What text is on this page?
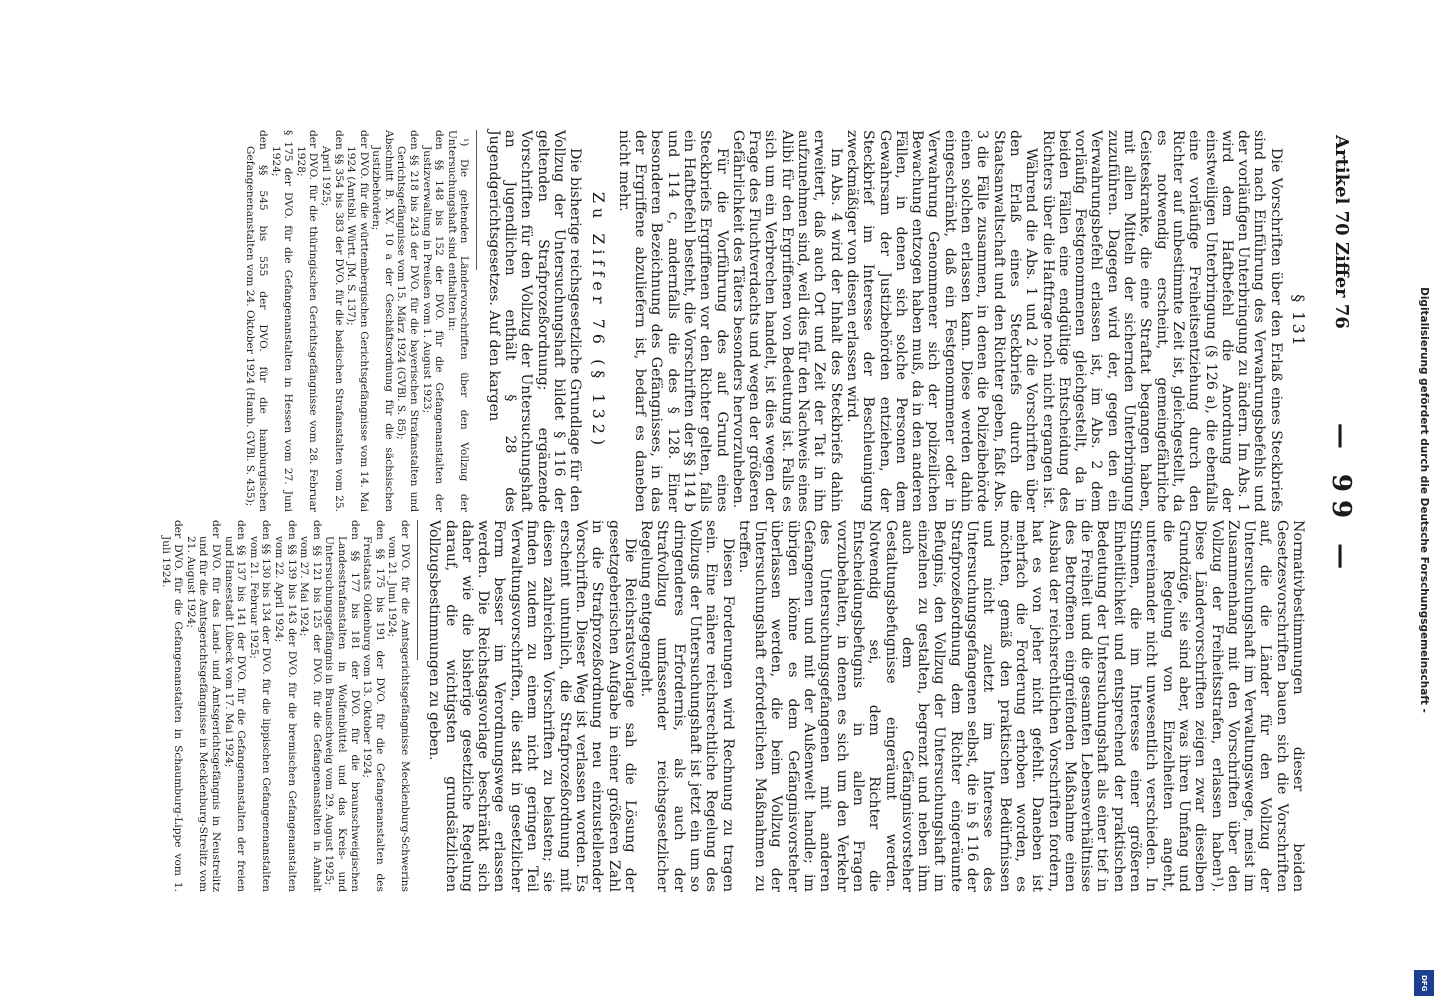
Artikel 70 Ziffer 76
— 99 —
§ 131

Die Vorschriften über den Erlaß eines Steckbriefs sind nach Einführung des Verwahrungsbefehls und der vorläufigen Unterbringung zu ändern. Im Abs. 1 wird dem Haftbefehl die Anordnung der einstweiligen Unterbringung (§ 126 a), die ebenfalls eine vorläufige Freiheitsentziehung durch den Richter auf unbestimmte Zeit ist, gleichgestellt, da es notwendig erscheint, gemeingefährliche Geisteskranke, die eine Straftat begangen haben, mit allen Mitteln der sichernden Unterbringung zuzuführen. Dagegen wird der, gegen den ein Verwahrungsbefehl erlassen ist, im Abs. 2 dem vorläufig Festgenommenen gleichgestellt, da in beiden Fällen eine endgültige Entscheidung des Richters über die Haftfrage noch nicht ergangen ist.

Während die Abs. 1 und 2 die Vorschriften über den Erlaß eines Steckbriefs durch die Staatsanwaltschaft und den Richter geben, faßt Abs. 3 die Fälle zusammen, in denen die Polizeibehörde einen solchen erlassen kann. Diese werden dahin eingeschränkt, daß ein Festgenommener oder in Verwahrung Genommener sich der polizeilichen Bewachung entzogen haben muß, da in den anderen Fällen, in denen sich solche Personen dem Gewahrsam der Justizbehörden entziehen, der Steckbrief im Interesse der Beschleunigung zweckmäßiger von diesen erlassen wird.

Im Abs. 4 wird der Inhalt des Steckbriefs dahin erweitert, daß auch Ort und Zeit der Tat in ihn aufzunehmen sind, weil dies für den Nachweis eines Alibi für den Ergriffenen von Bedeutung ist. Falls es sich um ein Verbrechen handelt, ist dies wegen der Frage des Fluchtverdachts und wegen der größeren Gefährlichkeit des Täters besonders hervorzuheben.

Für die Vorführung des auf Grund eines Steckbriefs Ergriffenen vor den Richter gelten, falls ein Haftbefehl besteht, die Vorschriften der §§ 114 b und 114 c, andernfalls die des § 128. Einer besonderen Bezeichnung des Gefängnisses, in das der Ergriffene abzuliefern ist, bedarf es daneben nicht mehr.

Zu Ziffer 76 (§ 132)

Die bisherige reichsgesetzliche Grundlage für den Vollzug der Untersuchungshaft bildet § 116 der geltenden Strafprozeßordnung; ergänzende Vorschriften für den Vollzug der Untersuchungshaft an Jugendlichen enthält § 28 des Jugendgerichtsgesetzes. Auf den kargen

¹) Die geltenden Ländervorschriften über den Vollzug der Untersuchungshaft sind enthalten in:
den §§ 148 bis 152 der DVO. für die Gefangenanstalten der Justizverwaltung in Preußen vom 1. August 1923;
den §§ 218 bis 243 der DVO. für die bayerischen Strafanstalten und Gerichtsgefängnisse vom 15. März 1924 (GVBl. S. 85);
Abschnitt B. XV. 10 a der Geschäftsordnung für die sächsischen Justizbehörden;
der DVO. für die württembergischen Gerichtsgefängnisse vom 14. Mai 1924 (Amtsbl. Württ. JM. S. 137);
den §§ 354 bis 383 der DVO. für die badischen Strafanstalten vom 25. April 1925;
der DVO. für die thüringischen Gerichtsgefängnisse vom 28. Februar 1928;
§ 175 der DVO. für die Gefangenanstalten in Hessen vom 27. Juni 1924;
den §§ 545 bis 555 der DVO. für die hamburgischen Gefangenenanstalten vom 24. Oktober 1924 (Hamb. GVBl. S. 435);

Normativbestimmungen dieser beiden Gesetzesvorschriften bauen sich die Vorschriften auf, die die Länder für den Vollzug der Untersuchungshaft im Verwaltungswege, meist im Zusammenhang mit den Vorschriften über den Vollzug der Freiheitsstrafen, erlassen haben¹). Diese Ländervorschriften zeigen zwar dieselben Grundzüge, sie sind aber, was ihren Umfang und die Regelung von Einzelheiten angeht, untereinander nicht unwesentlich verschieden. In Stimmen, die im Interesse einer größeren Einheitlichkeit und entsprechend der praktischen Bedeutung der Untersuchungshaft als einer tief in die Freiheit und die gesamten Lebensverhältnisse des Betroffenen eingreifenden Maßnahme einen Ausbau der reichsrechtlichen Vorschriften fordern, hat es von jeher nicht gefehlt. Daneben ist mehrfach die Forderung erhoben worden, es möchten, gemäß den praktischen Bedürfnissen und nicht zuletzt im Interesse des Untersuchungsgefangenen selbst, die in § 116 der Strafprozeßordnung dem Richter eingeräumte Befugnis, den Vollzug der Untersuchungshaft im einzelnen zu gestalten, begrenzt und neben ihm auch dem Gefängnisvorsteher Gestaltungsbefugnisse eingeräumt werden. Notwendig sei, dem Richter die Entscheidungsbefugnis in allen Fragen vorzubehalten, in denen es sich um den Verkehr des Untersuchungsgefangenen mit anderen Gefangenen und mit der Außenwelt handle; im übrigen könne es dem Gefängnisvorsteher überlassen werden, die beim Vollzug der Untersuchungshaft erforderlichen Maßnahmen zu treffen.

Diesen Forderungen wird Rechnung zu tragen sein. Eine nähere reichsrechtliche Regelung des Vollzugs der Untersuchungshaft ist jetzt ein um so dringenderes Erfordernis, als auch der Strafvollzug umfassender reichsgesetzlicher Regelung entgegengeht.

Die Reichsratsvorlage sah die Lösung der gesetzgeberischen Aufgabe in einer größeren Zahl in die Strafprozeßordnung neu einzustellender Vorschriften. Dieser Weg ist verlassen worden. Es erscheint untunlich, die Strafprozeßordnung mit diesen zahlreichen Vorschriften zu belasten; sie finden zudem zu einem nicht geringen Teil Verwaltungsvorschriften, die statt in gesetzlicher Form besser im Verordnungswege erlassen werden. Die Reichstagsvorlage beschränkt sich daher wie die bisherige gesetzliche Regelung darauf, die wichtigsten grundsätzlichen Vollzugsbestimmungen zu geben.

der DVO. für die Amtsgerichtsgefängnisse Mecklenburg-Schwerins vom 21. Juni 1924;
den §§ 175 bis 191 der DVO. für die Gefangenanstalten des Freistaats Oldenburg vom 13. Oktober 1924;
den §§ 177 bis 181 der DVO. für die braunschweigischen Landesstrafanstalten in Wolfenbüttel und das Kreis- und Untersuchungsgefängnis in Braunschweig vom 29. August 1925;
den §§ 121 bis 125 der DVO. für die Gefangenanstalten in Anhalt vom 27. Mai 1924;
den §§ 139 bis 143 der DVO. für die bremischen Gefangenanstalten vom 22. April 1924;
den §§ 130 bis 134 der DVO. für die lippischen Gefangenenanstalten vom 21. Februar 1925;
den §§ 137 bis 141 der DVO. für die Gefangenanstalten der freien und Hansestadt Lübeck vom 17. Mai 1924;
der DVO. für das Land- und Amtsgerichtsgefängnis in Neustrelitz und für die Amtsgerichtsgefängnisse in Mecklenburg-Strelitz vom 21. August 1924;
der DVO. für die Gefangenanstalten in Schaumburg-Lippe vom 1. Juli 1924.	Digitalisierung gefördert durch die Deutsche Forschungsgemeinschaft -
DFG
